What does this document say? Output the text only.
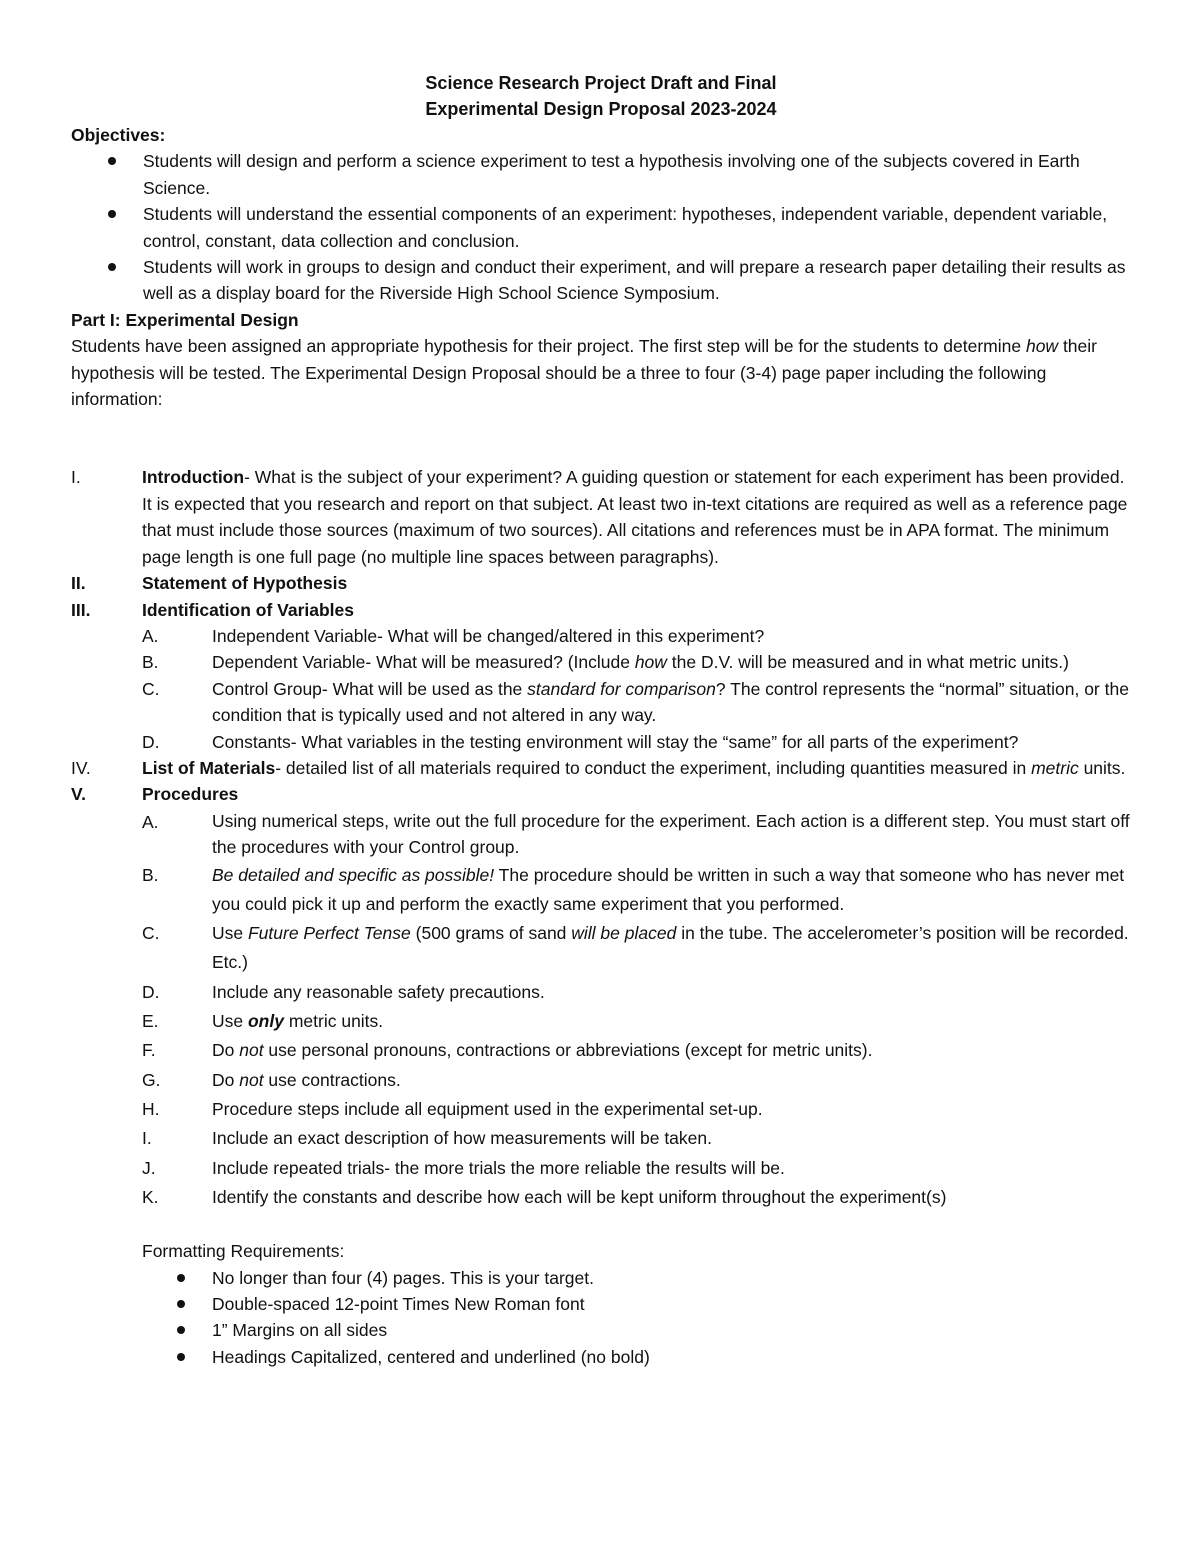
Science Research Project Draft and Final
Experimental Design Proposal 2023-2024
Objectives:
Students will design and perform a science experiment to test a hypothesis involving one of the subjects covered in Earth Science.
Students will understand the essential components of an experiment: hypotheses, independent variable, dependent variable, control, constant, data collection and conclusion.
Students will work in groups to design and conduct their experiment, and will prepare a research paper detailing their results as well as a display board for the Riverside High School Science Symposium.
Part I: Experimental Design
Students have been assigned an appropriate hypothesis for their project. The first step will be for the students to determine how their hypothesis will be tested. The Experimental Design Proposal should be a three to four (3-4) page paper including the following information:
I.	Introduction- What is the subject of your experiment? A guiding question or statement for each experiment has been provided. It is expected that you research and report on that subject. At least two in-text citations are required as well as a reference page that must include those sources (maximum of two sources). All citations and references must be in APA format. The minimum page length is one full page (no multiple line spaces between paragraphs).
II.	Statement of Hypothesis
III.	Identification of Variables
A.	Independent Variable- What will be changed/altered in this experiment?
B.	Dependent Variable- What will be measured? (Include how the D.V. will be measured and in what metric units.)
C.	Control Group- What will be used as the standard for comparison? The control represents the “normal” situation, or the condition that is typically used and not altered in any way.
D.	Constants- What variables in the testing environment will stay the “same” for all parts of the experiment?
IV.	List of Materials- detailed list of all materials required to conduct the experiment, including quantities measured in metric units.
V.	Procedures
A.	Using numerical steps, write out the full procedure for the experiment. Each action is a different step. You must start off the procedures with your Control group.
B.	Be detailed and specific as possible! The procedure should be written in such a way that someone who has never met you could pick it up and perform the exactly same experiment that you performed.
C.	Use Future Perfect Tense (500 grams of sand will be placed in the tube. The accelerometer’s position will be recorded. Etc.)
D.	Include any reasonable safety precautions.
E.	Use only metric units.
F.	Do not use personal pronouns, contractions or abbreviations (except for metric units).
G.	Do not use contractions.
H.	Procedure steps include all equipment used in the experimental set-up.
I.	Include an exact description of how measurements will be taken.
J.	Include repeated trials- the more trials the more reliable the results will be.
K.	Identify the constants and describe how each will be kept uniform throughout the experiment(s)
Formatting Requirements:
No longer than four (4) pages. This is your target.
Double-spaced 12-point Times New Roman font
1” Margins on all sides
Headings Capitalized, centered and underlined (no bold)
